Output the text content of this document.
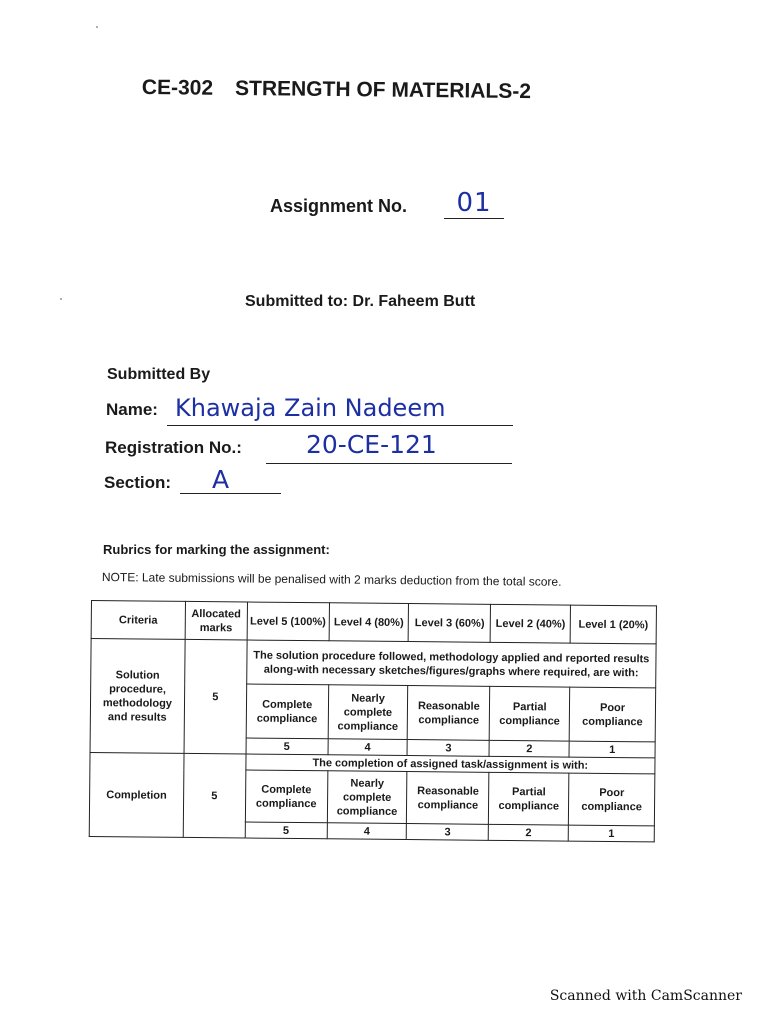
CE-302 STRENGTH OF MATERIALS-2
Assignment No.	01
Submitted to: Dr. Faheem Butt
Submitted By
Name: Khawaja Zain Nadeem
Registration No.:	20-CE-121
Section: A
Rubrics for marking the assignment:
NOTE: Late submissions will be penalised with 2 marks deduction from the total score.
Criteria	Allocated marks	Level 5 (100%)	Level 4 (80%)	Level 3 (60%)	Level 2 (40%)	Level 1 (20%)
Solution procedure, methodology and results	5	The solution procedure followed, methodology applied and reported results along-with necessary sketches/figures/graphs where required, are with:				
		Complete compliance	Nearly complete compliance	Reasonable compliance	Partial compliance	Poor compliance
		5	4	3	2	1
Completion	5	The completion of assigned task/assignment is with:				
		Complete compliance	Nearly complete compliance	Reasonable compliance	Partial compliance	Poor compliance
		5	4	3	2	1
Scanned with CamScanner
